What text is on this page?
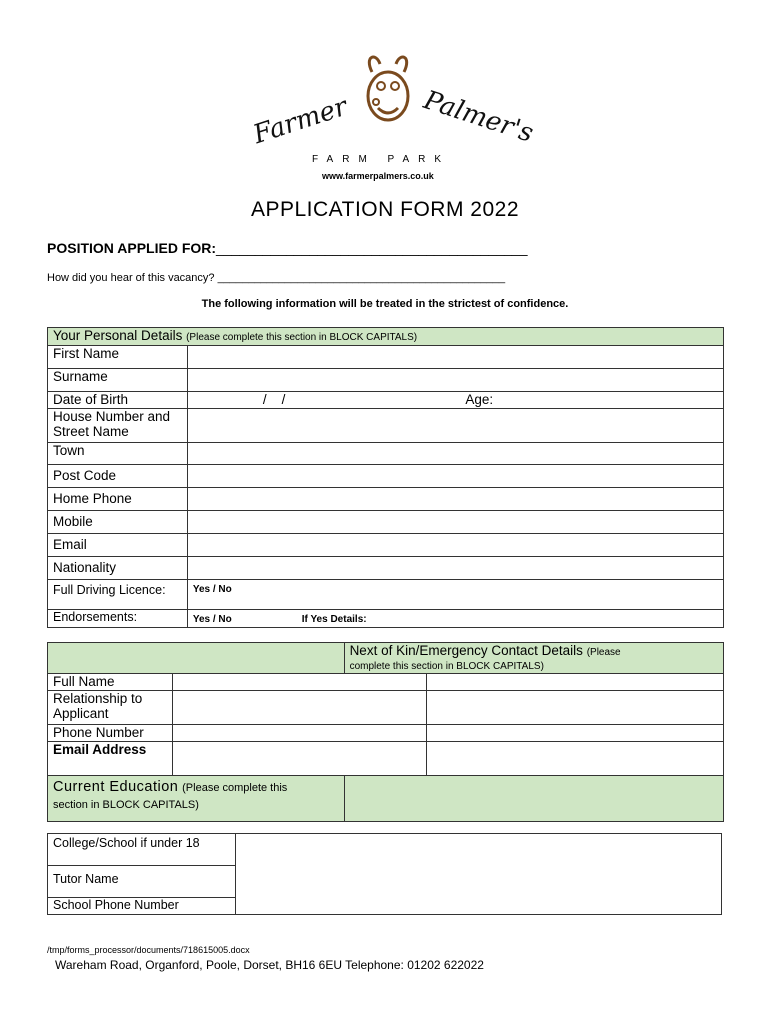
Farmer	Palmer's
FARM PARK
www.farmerpalmers.co.uk
APPLICATION FORM 2022
POSITION APPLIED FOR:________________________________________
How did you hear of this vacancy? _______________________________________________
The following information will be treated in the strictest of confidence.
Your Personal Details (Please complete this section in BLOCK CAPITALS)	
First Name	
Surname	
Date of Birth	/    / Age:
House Number and Street Name	
Town	
Post Code	
Home Phone	
Mobile	
Email	
Nationality	
Full Driving Licence:	Yes / No
Endorsements:	Yes / No If Yes Details:
		Next of Kin/Emergency Contact Details (Please
complete this section in BLOCK CAPITALS)	
Full Name			
Relationship to Applicant			
Phone Number			
Email Address			
Current Education (Please complete this
section in BLOCK CAPITALS)			
College/School if under 18	
Tutor Name
School Phone Number
/tmp/forms_processor/documents/718615005.docx
Wareham Road, Organford, Poole, Dorset, BH16 6EU Telephone: 01202 622022
